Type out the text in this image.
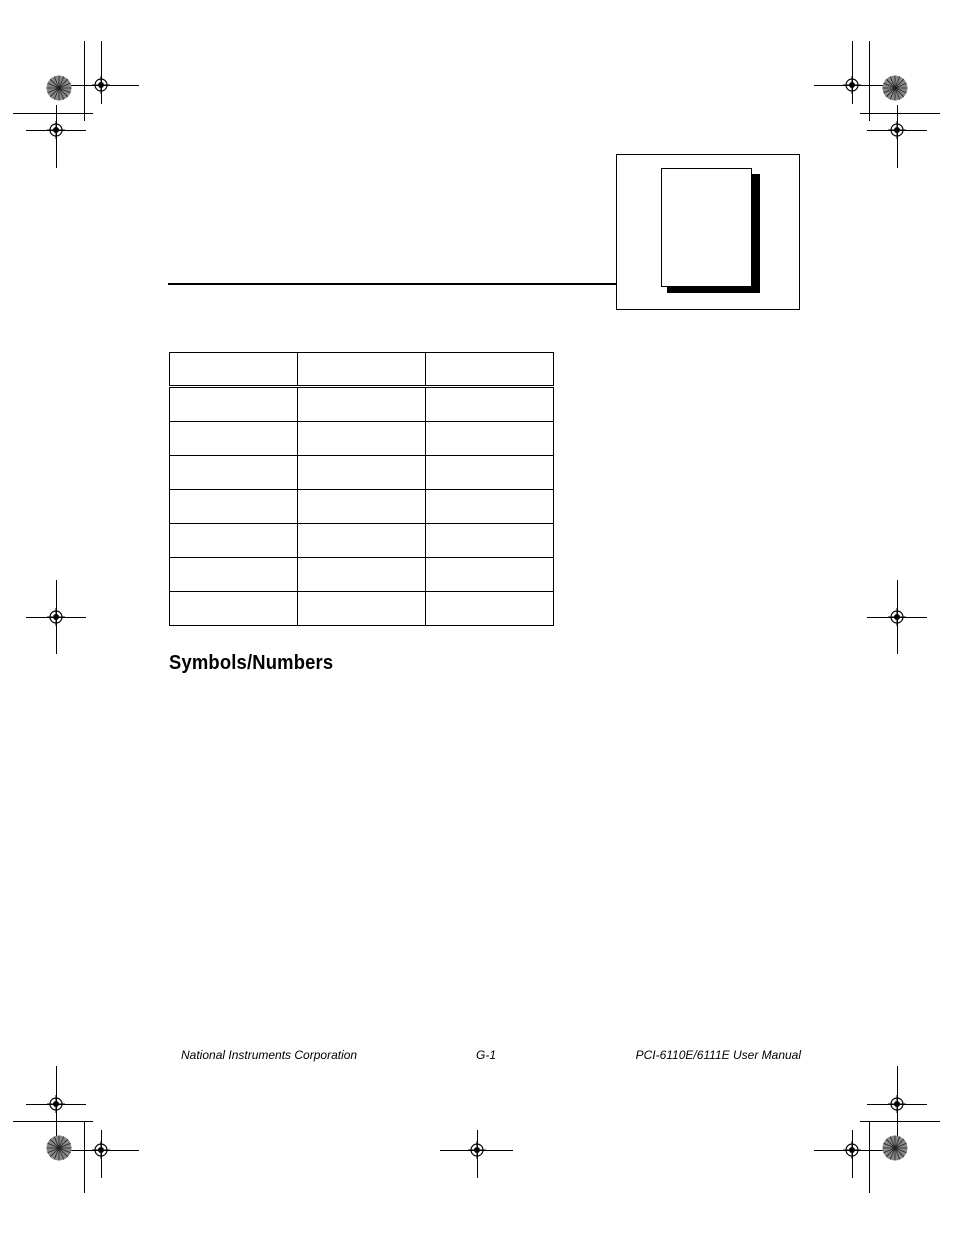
Symbols/Numbers
National Instruments Corporation	G-1	PCI-6110E/6111E User Manual
